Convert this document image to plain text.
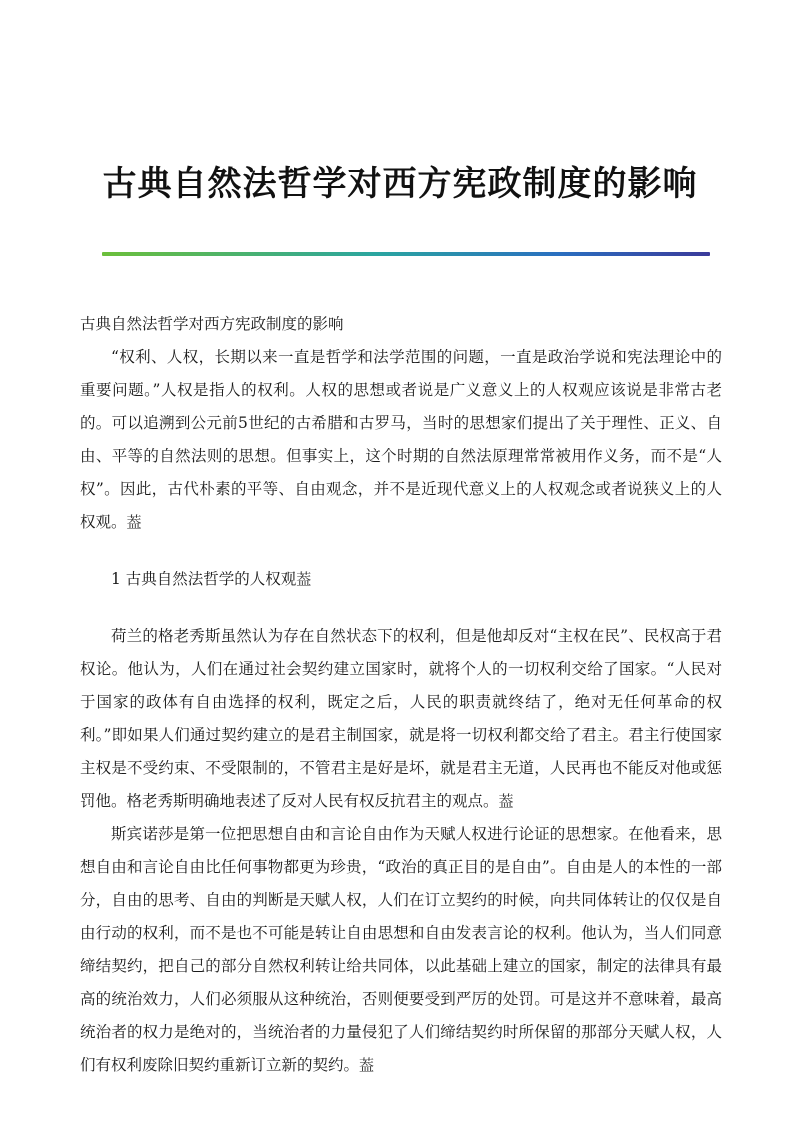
古典自然法哲学对西方宪政制度的影响

古典自然法哲学对西方宪政制度的影响

“权利、人权，长期以来一直是哲学和法学范围的问题，一直是政治学说和宪法理论中的重要问题。”人权是指人的权利。人权的思想或者说是广义意义上的人权观应该说是非常古老的。可以追溯到公元前5世纪的古希腊和古罗马，当时的思想家们提出了关于理性、正义、自由、平等的自然法则的思想。但事实上，这个时期的自然法原理常常被用作义务，而不是“人权”。因此，古代朴素的平等、自由观念，并不是近现代意义上的人权观念或者说狭义上的人权观。葢

1 古典自然法哲学的人权观葢

荷兰的格老秀斯虽然认为存在自然状态下的权利，但是他却反对“主权在民”、民权高于君权论。他认为，人们在通过社会契约建立国家时，就将个人的一切权利交给了国家。“人民对于国家的政体有自由选择的权利，既定之后，人民的职责就终结了，绝对无任何革命的权利。”即如果人们通过契约建立的是君主制国家，就是将一切权利都交给了君主。君主行使国家主权是不受约束、不受限制的，不管君主是好是坏，就是君主无道，人民再也不能反对他或惩罚他。格老秀斯明确地表述了反对人民有权反抗君主的观点。葢

斯宾诺莎是第一位把思想自由和言论自由作为天赋人权进行论证的思想家。在他看来，思想自由和言论自由比任何事物都更为珍贵，“政治的真正目的是自由”。自由是人的本性的一部分，自由的思考、自由的判断是天赋人权，人们在订立契约的时候，向共同体转让的仅仅是自由行动的权利，而不是也不可能是转让自由思想和自由发表言论的权利。他认为，当人们同意缔结契约，把自己的部分自然权利转让给共同体，以此基础上建立的国家，制定的法律具有最高的统治效力，人们必须服从这种统治，否则便要受到严厉的处罚。可是这并不意味着，最高统治者的权力是绝对的，当统治者的力量侵犯了人们缔结契约时所保留的那部分天赋人权，人们有权利废除旧契约重新订立新的契约。葢
